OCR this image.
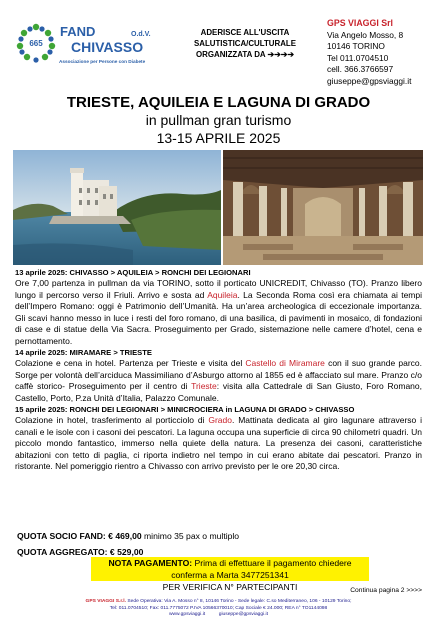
665
FAND	O.d.V.
CHIVASSO
Associazione per Persone con Diabete
ADERISCE ALL'USCITA
SALUTISTICA/CULTURALE
ORGANIZZATA DA ➔➔➔➔
GPS VIAGGI Srl
Via Angelo Mosso, 8
10146 TORINO
Tel 011.0704510
cell. 366.3766597
giuseppe@gpsviaggi.it
TRIESTE, AQUILEIA E LAGUNA DI GRADO
in pullman gran turismo
13-15 APRILE 2025
13 aprile 2025: CHIVASSO > AQUILEIA > RONCHI DEI LEGIONARI

Ore 7,00 partenza in pullman da via TORINO, sotto il porticato UNICREDIT, Chivasso (TO). Pranzo libero lungo il percorso verso il Friuli. Arrivo e sosta ad Aquileia. La Seconda Roma così era chiamata ai tempi dell’Impero Romano: oggi è Patrimonio dell’Umanità. Ha un’area archeologica di eccezionale importanza. Gli scavi hanno messo in luce i resti del foro romano, di una basilica, di pavimenti in mosaico, di fondazioni di case e di statue della Via Sacra. Proseguimento per Grado, sistemazione nelle camere d’hotel, cena e pernottamento.

14 aprile 2025: MIRAMARE > TRIESTE

Colazione e cena in hotel. Partenza per Trieste e visita del Castello di Miramare con il suo grande parco. Sorge per volontà dell’arciduca Massimiliano d’Asburgo attorno al 1855 ed è affacciato sul mare. Pranzo c/o caffè storico- Proseguimento per il centro di Trieste: visita alla Cattedrale di San Giusto, Foro Romano, Castello, Porto, P.za Unità d’Italia, Palazzo Comunale.

15 aprile 2025: RONCHI DEI LEGIONARI > MINICROCIERA in LAGUNA DI GRADO > CHIVASSO

Colazione in hotel, trasferimento al porticciolo di Grado. Mattinata dedicata al giro lagunare attraverso i canali e le isole con i casoni dei pescatori. La laguna occupa una superficie di circa 90 chilometri quadri. Un piccolo mondo fantastico, immerso nella quiete della natura. La presenza dei casoni, caratteristiche abitazioni con tetto di paglia, ci riporta indietro nel tempo in cui erano abitate dai pescatori. Pranzo in ristorante. Nel pomeriggio rientro a Chivasso con arrivo previsto per le ore 20,30 circa.

QUOTA SOCIO FAND: € 469,00 minimo 35 pax o multiplo
QUOTA AGGREGATO: € 529,00
NOTA PAGAMENTO: Prima di effettuare il pagamento chiedere conferma a Marta 3477251341
PER VERIFICA N° PARTECIPANTI	Continua pagina 2 >>>>
GPS VIAGGI S.r.l. Sede Operativa: Via A. Mosso n° 8, 10146 Torino - Sede legale: C.so Mediterraneo, 106 - 10129 Torino;
Tel: 011.0704510; Fax: 011.7775072 P.IVA 10566370010; Cap Sociale € 24.000; REA n° TO1144098
www.gpsviaggi.it          giuseppe@gpsviaggi.it
